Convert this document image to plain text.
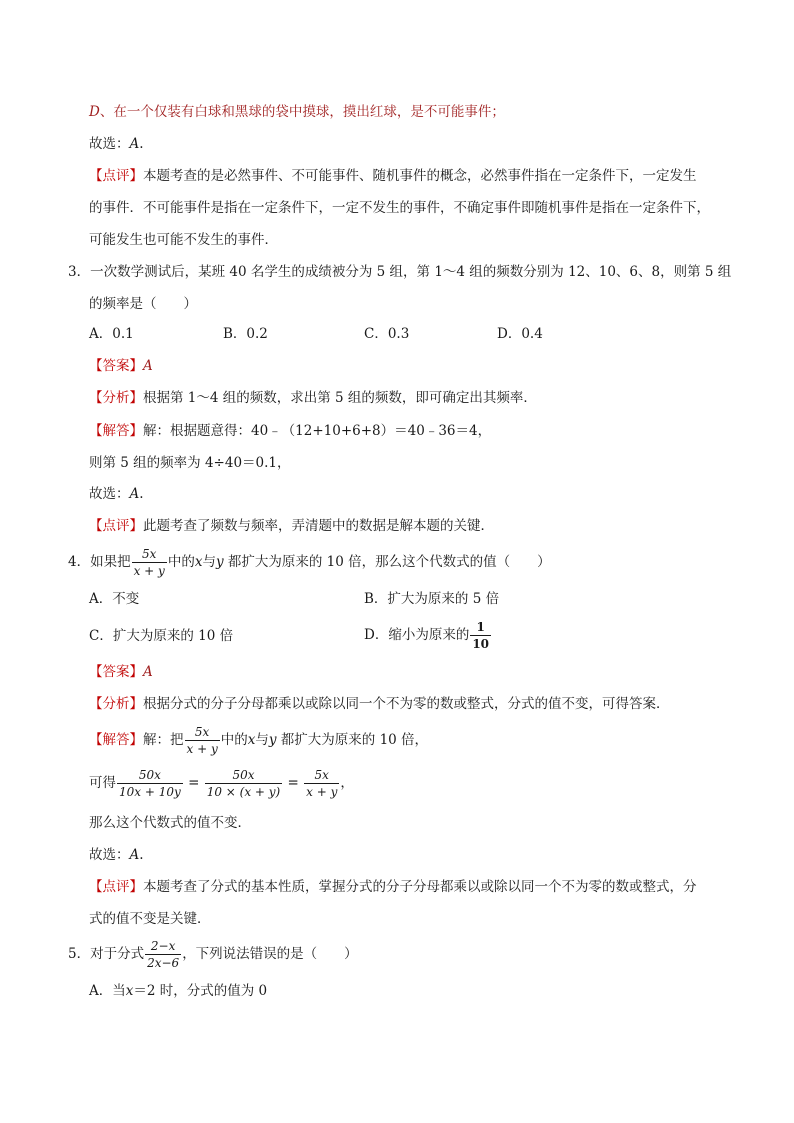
D、在一个仅装有白球和黑球的袋中摸球，摸出红球，是不可能事件；
故选：A.
【点评】本题考查的是必然事件、不可能事件、随机事件的概念，必然事件指在一定条件下，一定发生
的事件．不可能事件是指在一定条件下，一定不发生的事件，不确定事件即随机事件是指在一定条件下，
可能发生也可能不发生的事件．
3．一次数学测试后，某班 40 名学生的成绩被分为 5 组，第 1～4 组的频数分别为 12、10、6、8，则第 5 组
的频率是（　　）
A．0.1	B．0.2	C．0.3	D．0.4
【答案】A
【分析】根据第 1～4 组的频数，求出第 5 组的频数，即可确定出其频率．
【解答】解：根据题意得：40﹣（12+10+6+8）＝40﹣36＝4，
则第 5 组的频率为 4÷40＝0.1，
故选：A.
【点评】此题考查了频数与频率，弄清题中的数据是解本题的关键．
4．如果把 $\frac{5x}{x + y}$ 中的x与y 都扩大为原来的 10 倍，那么这个代数式的值（　　）
A．不变	B．扩大为原来的 5 倍
C．扩大为原来的 10 倍	D．缩小为原来的 $\frac{1}{10}$
【答案】A
【分析】根据分式的分子分母都乘以或除以同一个不为零的数或整式，分式的值不变，可得答案．
【解答】解：把 $\frac{5x}{x + y}$ 中的x与y 都扩大为原来的 10 倍，
可得 $\frac{50x}{10x + 10y} = \frac{50x}{10 \times (x + y)} = \frac{5x}{x + y}$ ，
那么这个代数式的值不变．
故选：A.
【点评】本题考查了分式的基本性质，掌握分式的分子分母都乘以或除以同一个不为零的数或整式，分
式的值不变是关键．
5．对于分式 $\frac{2-x}{2x-6}$ ，下列说法错误的是（　　）
A．当x＝2 时，分式的值为 0
